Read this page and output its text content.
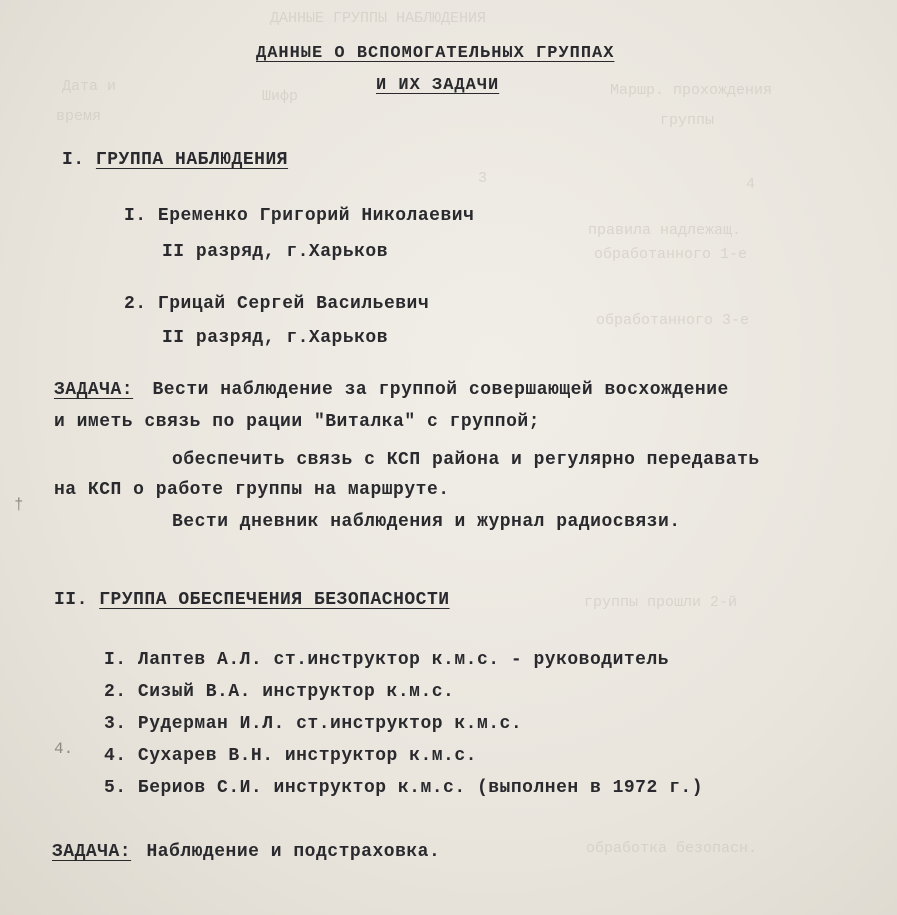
ДАННЫЕ ГРУППЫ НАБЛЮДЕНИЯ
Дата и
Шифр	Маршр. прохождения
время	группы
3	4
правила надлежащ.
обработанного 1-е
обработанного 3-е
группы прошли 2-й
обработка безопасн.
ДАННЫЕ О ВСПОМОГАТЕЛЬНЫХ ГРУППАХ
И ИХ ЗАДАЧИ
I. ГРУППА НАБЛЮДЕНИЯ
I. Еременко Григорий Николаевич
II разряд, г.Харьков
2. Грицай Сергей Васильевич
II разряд, г.Харьков
ЗАДАЧА: Вести наблюдение за группой совершающей восхождение
и иметь связь по рации "Виталка" с группой;
обеспечить связь с КСП района и регулярно передавать
на КСП о работе группы на маршруте.
Вести дневник наблюдения и журнал радиосвязи.
†
II. ГРУППА ОБЕСПЕЧЕНИЯ БЕЗОПАСНОСТИ
I. Лаптев А.Л. ст.инструктор к.м.с. - руководитель
2. Сизый В.А. инструктор к.м.с.
3. Рудерман И.Л. ст.инструктор к.м.с.
4. Сухарев В.Н. инструктор к.м.с.
5. Бериов С.И. инструктор к.м.с. (выполнен в 1972 г.)
4.
ЗАДАЧА: Наблюдение и подстраховка.
